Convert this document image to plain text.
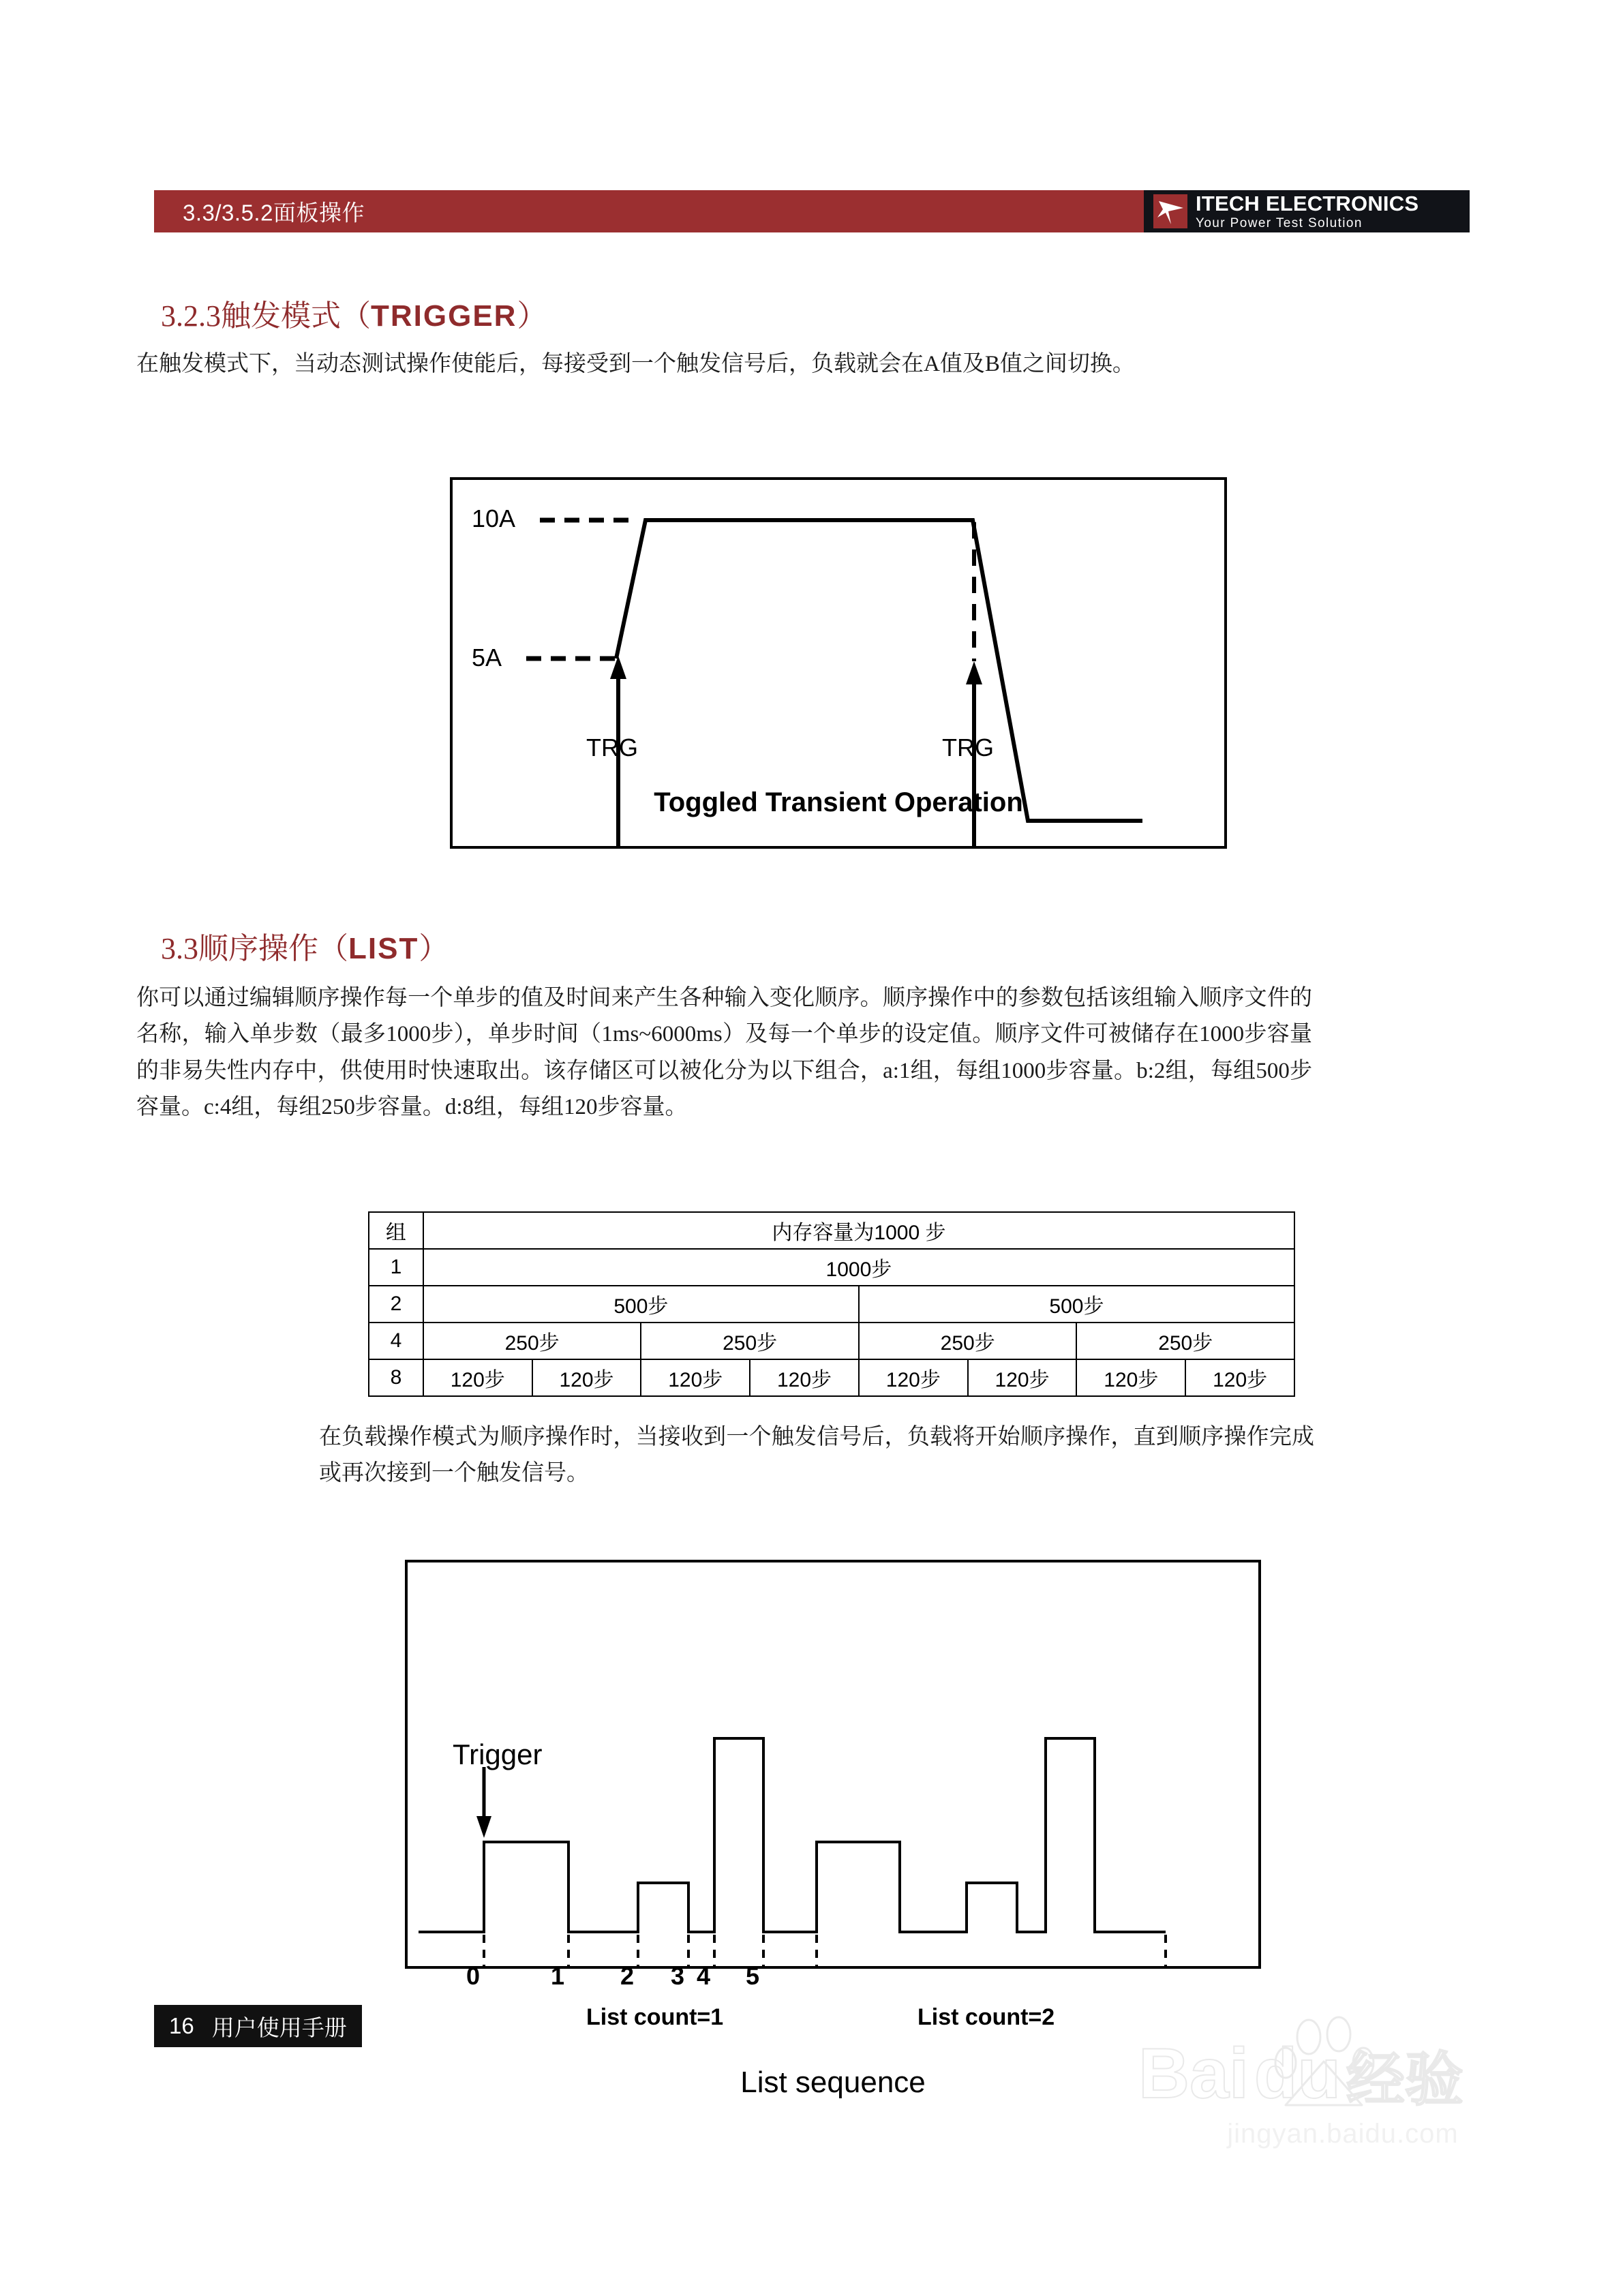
3.3/3.5.2面板操作	ITECH ELECTRONICS
Your Power Test Solution
3.2.3触发模式（TRIGGER）
在触发模式下，当动态测试操作使能后，每接受到一个触发信号后，负载就会在A值及B值之间切换。
10A
5A
TRG	TRG
Toggled Transient Operation
3.3顺序操作（LIST）
你可以通过编辑顺序操作每一个单步的值及时间来产生各种输入变化顺序。顺序操作中的参数包括该组输入顺序文件的名称，输入单步数（最多1000步），单步时间（1ms~6000ms）及每一个单步的设定值。顺序文件可被储存在1000步容量的非易失性内存中，供使用时快速取出。该存储区可以被化分为以下组合，a:1组，每组1000步容量。b:2组，每组500步容量。c:4组，每组250步容量。d:8组，每组120步容量。
组	内存容量为1000 步							
1	1000步							
2	500步				500步			
4	250步		250步		250步		250步	
8	120步	120步	120步	120步	120步	120步	120步	120步
在负载操作模式为顺序操作时，当接收到一个触发信号后，负载将开始顺序操作，直到顺序操作完成或再次接到一个触发信号。
Trigger
0	1 2 3 4 5
List count=1	List count=2
List sequence
16 用户使用手册
Bai du 经验
jingyan.baidu.com
